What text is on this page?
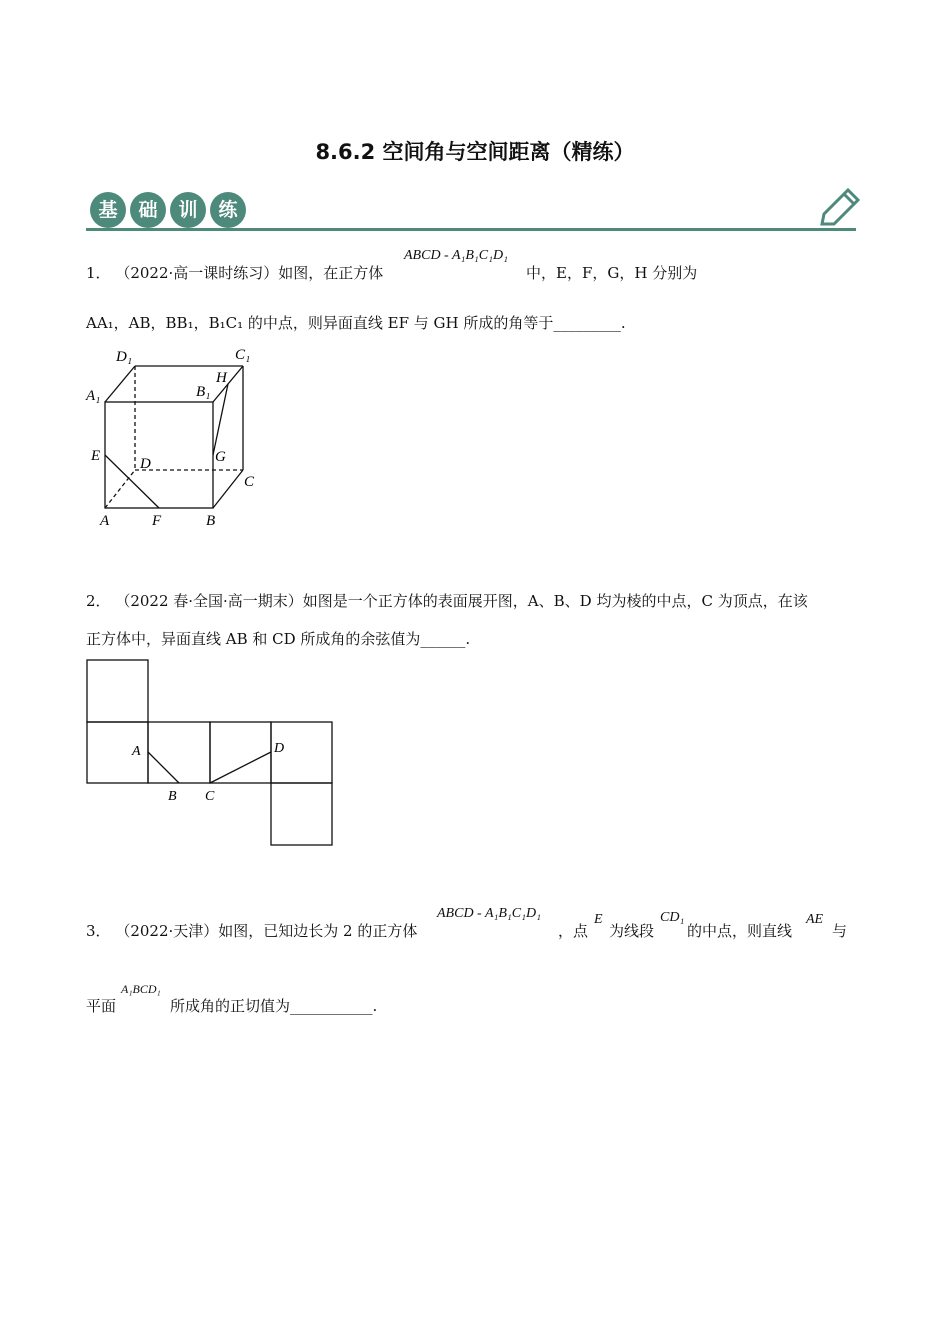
8.6.2 空间角与空间距离（精练）
基	础	训	练
1． （2022·高一课时练习）如图，在正方体
ABCD - A₁B₁C₁D₁
中，E，F，G，H 分别为
AA₁，AB，BB₁，B₁C₁ 的中点，则异面直线 EF 与 GH 所成的角等于_________.
D₁	C₁
A₁	B₁
H
E	D	G
C
A	F	B
2． （2022 春·全国·高一期末）如图是一个正方体的表面展开图，A、B、D 均为棱的中点，C 为顶点，在该
正方体中，异面直线 AB 和 CD 所成角的余弦值为______.
A
B C
D
3． （2022·天津）如图，已知边长为 2 的正方体
ABCD - A₁B₁C₁D₁
，点
E
为线段
CD₁
的中点，则直线
AE
与
平面
A₁BCD₁
所成角的正切值为___________.
